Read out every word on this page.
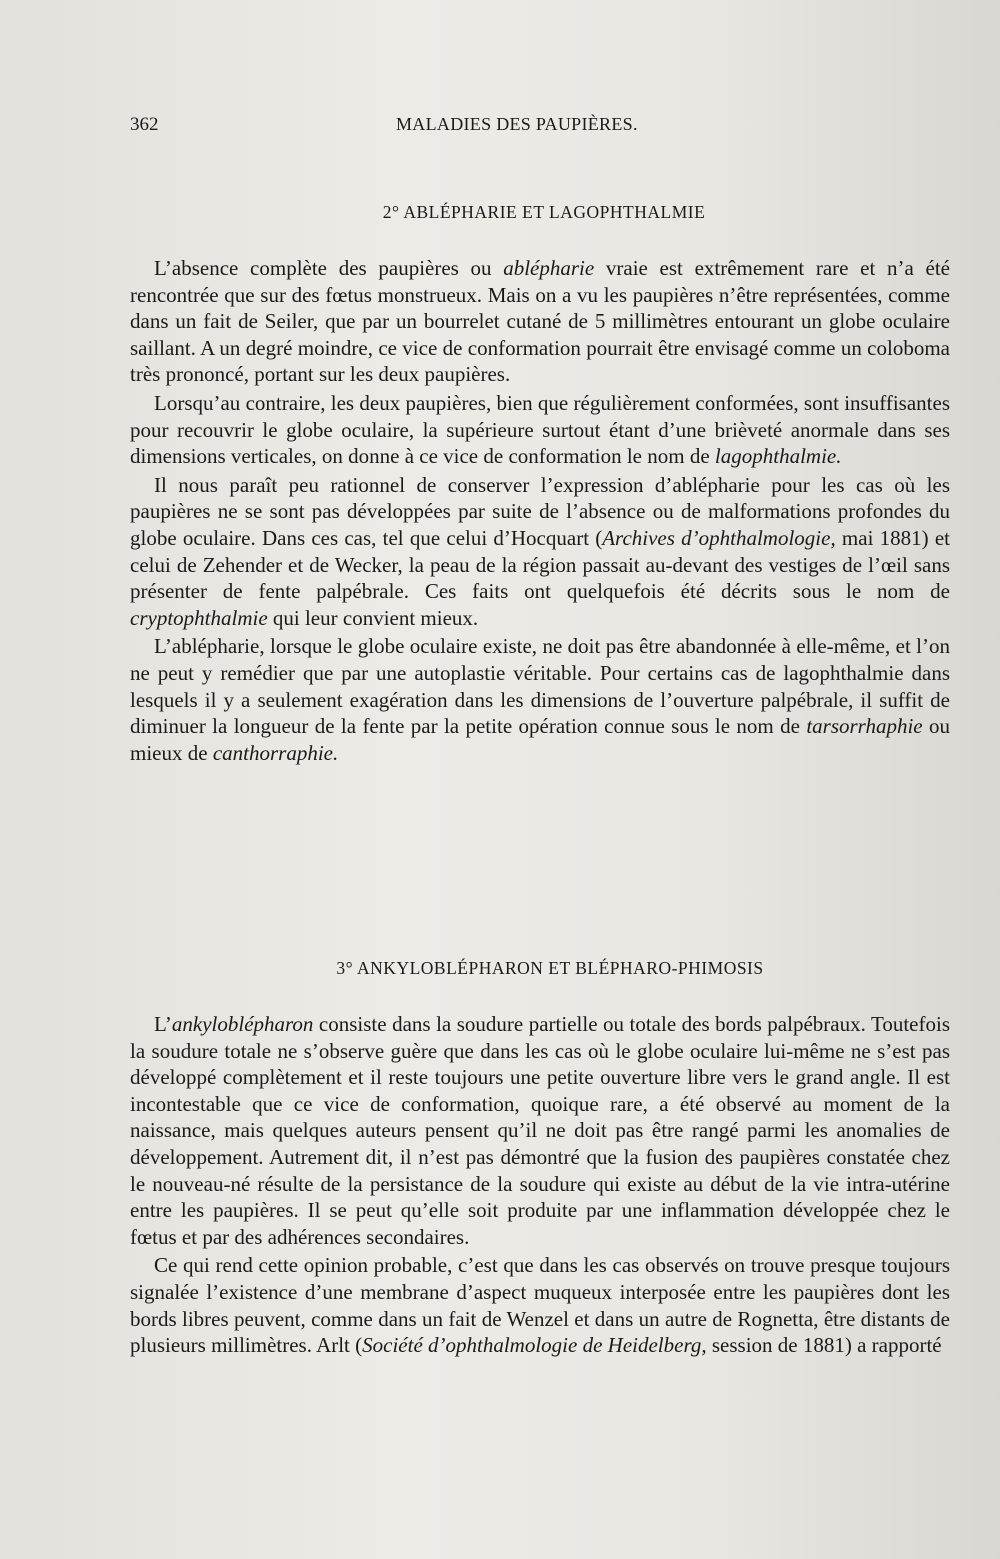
362	MALADIES DES PAUPIÈRES.
2° ABLÉPHARIE ET LAGOPHTHALMIE

L’absence complète des paupières ou ablépharie vraie est extrêmement rare et n’a été rencontrée que sur des fœtus monstrueux. Mais on a vu les paupières n’être représentées, comme dans un fait de Seiler, que par un bourrelet cutané de 5 millimètres entourant un globe oculaire saillant. A un degré moindre, ce vice de conformation pourrait être envisagé comme un coloboma très prononcé, portant sur les deux paupières.

Lorsqu’au contraire, les deux paupières, bien que régulièrement conformées, sont insuffisantes pour recouvrir le globe oculaire, la supérieure surtout étant d’une brièveté anormale dans ses dimensions verticales, on donne à ce vice de conformation le nom de lagophthalmie.

Il nous paraît peu rationnel de conserver l’expression d’ablépharie pour les cas où les paupières ne se sont pas développées par suite de l’absence ou de malformations profondes du globe oculaire. Dans ces cas, tel que celui d’Hocquart (Archives d’ophthalmologie, mai 1881) et celui de Zehender et de Wecker, la peau de la région passait au-devant des vestiges de l’œil sans présenter de fente palpébrale. Ces faits ont quelquefois été décrits sous le nom de cryptophthalmie qui leur convient mieux.

L’ablépharie, lorsque le globe oculaire existe, ne doit pas être abandonnée à elle-même, et l’on ne peut y remédier que par une autoplastie véritable. Pour certains cas de lagophthalmie dans lesquels il y a seulement exagération dans les dimensions de l’ouverture palpébrale, il suffit de diminuer la longueur de la fente par la petite opération connue sous le nom de tarsorrhaphie ou mieux de canthorraphie.

3° ANKYLOBLÉPHARON ET BLÉPHARO-PHIMOSIS

L’ankyloblépharon consiste dans la soudure partielle ou totale des bords palpébraux. Toutefois la soudure totale ne s’observe guère que dans les cas où le globe oculaire lui-même ne s’est pas développé complètement et il reste toujours une petite ouverture libre vers le grand angle. Il est incontestable que ce vice de conformation, quoique rare, a été observé au moment de la naissance, mais quelques auteurs pensent qu’il ne doit pas être rangé parmi les anomalies de développement. Autrement dit, il n’est pas démontré que la fusion des paupières constatée chez le nouveau-né résulte de la persistance de la soudure qui existe au début de la vie intra-utérine entre les paupières. Il se peut qu’elle soit produite par une inflammation développée chez le fœtus et par des adhérences secondaires.

Ce qui rend cette opinion probable, c’est que dans les cas observés on trouve presque toujours signalée l’existence d’une membrane d’aspect muqueux interposée entre les paupières dont les bords libres peuvent, comme dans un fait de Wenzel et dans un autre de Rognetta, être distants de plusieurs millimètres. Arlt (Société d’ophthalmologie de Heidelberg, session de 1881) a rapporté
